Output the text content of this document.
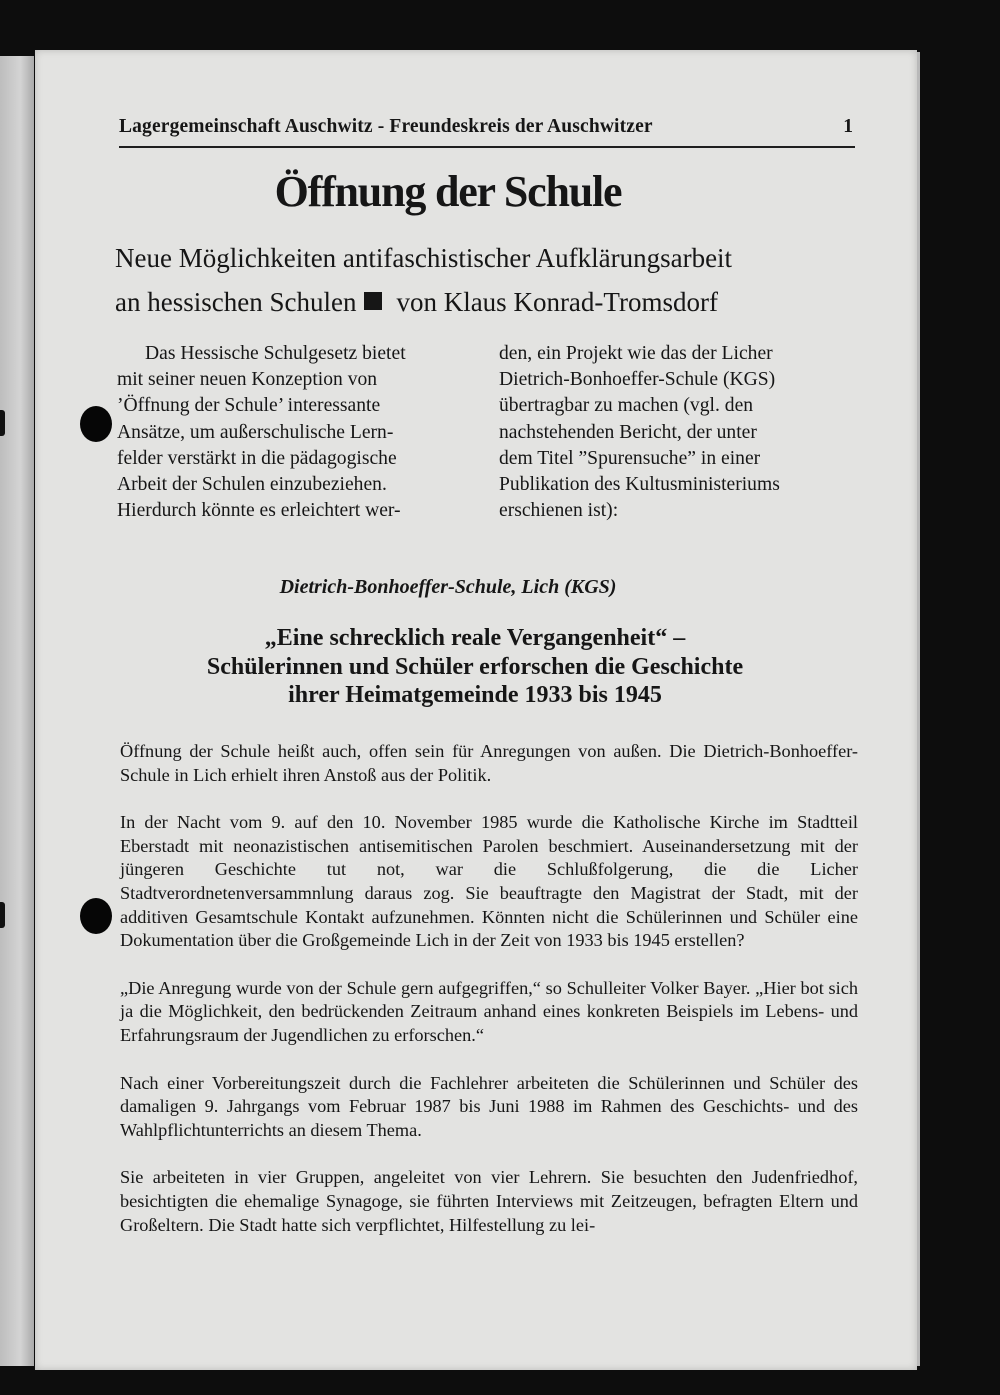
Lagergemeinschaft Auschwitz - Freundeskreis der Auschwitzer	1
Öffnung der Schule
Neue Möglichkeiten antifaschistischer Aufklärungsarbeit
an hessischen Schulen von Klaus Konrad-Tromsdorf

Das Hessische Schulgesetz bietet

mit seiner neuen Konzeption von

’Öffnung der Schule’ interessante

Ansätze, um außerschulische Lern-

felder verstärkt in die pädagogische

Arbeit der Schulen einzubeziehen.

Hierdurch könnte es erleichtert wer-

den, ein Projekt wie das der Licher

Dietrich-Bonhoeffer-Schule (KGS)

übertragbar zu machen (vgl. den

nachstehenden Bericht, der unter

dem Titel ”Spurensuche” in einer

Publikation des Kultusministeriums

erschienen ist):

Dietrich-Bonhoeffer-Schule, Lich (KGS)
„Eine schrecklich reale Vergangenheit“ –
Schülerinnen und Schüler erforschen die Geschichte
ihrer Heimatgemeinde 1933 bis 1945

Öffnung der Schule heißt auch, offen sein für Anregungen von außen. Die Dietrich-Bonhoeffer-Schule in Lich erhielt ihren Anstoß aus der Politik.

In der Nacht vom 9. auf den 10. November 1985 wurde die Katholische Kirche im Stadtteil Eberstadt mit neonazistischen antisemitischen Parolen beschmiert. Auseinandersetzung mit der jüngeren Geschichte tut not, war die Schlußfolgerung, die die Licher Stadtverordnetenversammnlung daraus zog. Sie beauftragte den Magistrat der Stadt, mit der additiven Gesamtschule Kontakt aufzunehmen. Könnten nicht die Schülerinnen und Schüler eine Dokumentation über die Großgemeinde Lich in der Zeit von 1933 bis 1945 erstellen?

„Die Anregung wurde von der Schule gern aufgegriffen,“ so Schulleiter Volker Bayer. „Hier bot sich ja die Möglichkeit, den bedrückenden Zeitraum anhand eines konkreten Beispiels im Lebens- und Erfahrungsraum der Jugendlichen zu erforschen.“

Nach einer Vorbereitungszeit durch die Fachlehrer arbeiteten die Schülerinnen und Schüler des damaligen 9. Jahrgangs vom Februar 1987 bis Juni 1988 im Rahmen des Geschichts- und des Wahlpflichtunterrichts an diesem Thema.

Sie arbeiteten in vier Gruppen, angeleitet von vier Lehrern. Sie besuchten den Judenfriedhof, besichtigten die ehemalige Synagoge, sie führten Interviews mit Zeitzeugen, befragten Eltern und Großeltern. Die Stadt hatte sich verpflichtet, Hilfestellung zu lei-
